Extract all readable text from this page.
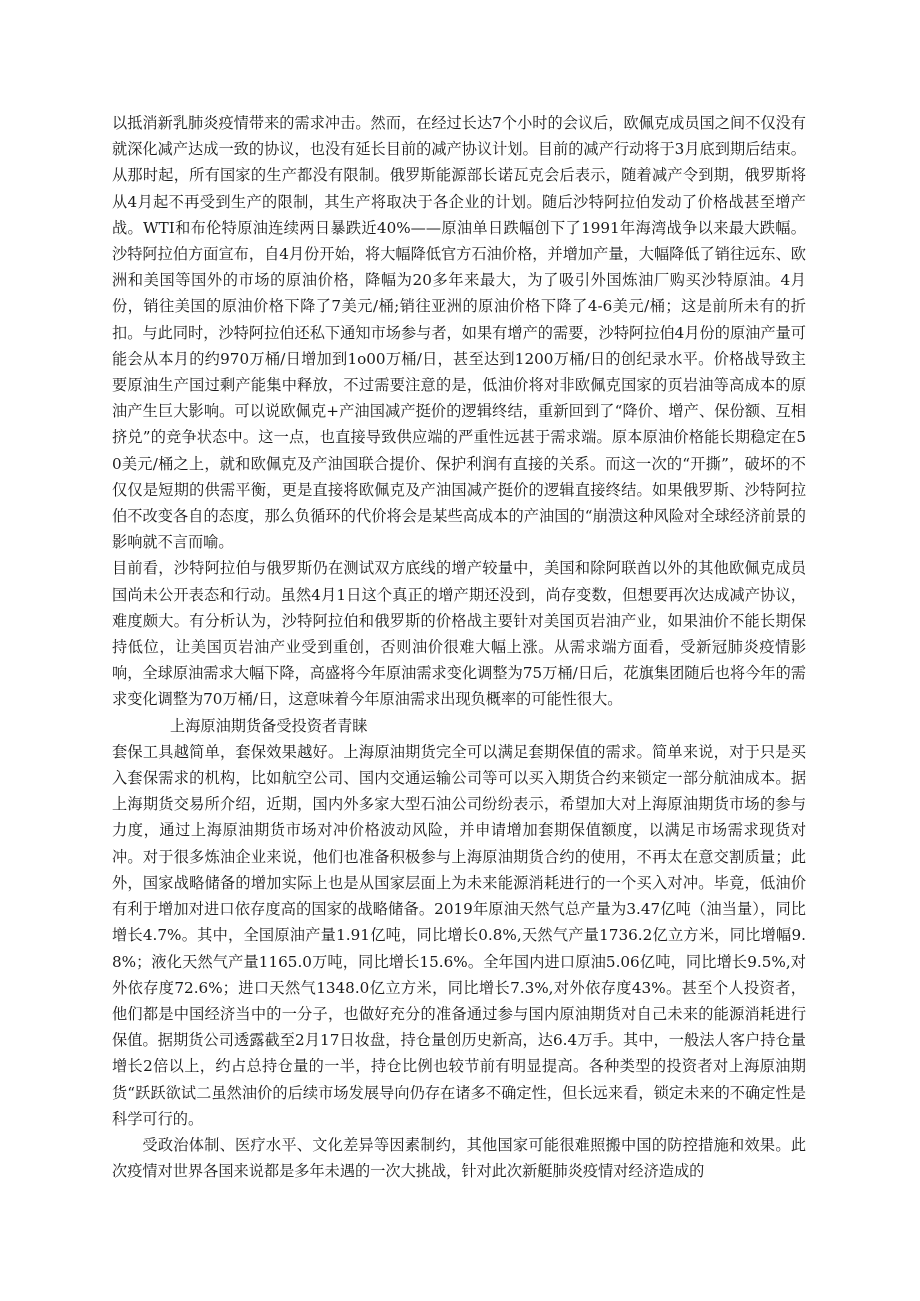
以抵消新乳肺炎疫情带来的需求冲击。然而，在经过长达7个小时的会议后，欧佩克成员国之间不仅没有就深化减产达成一致的协议，也没有延长目前的减产协议计划。目前的减产行动将于3月底到期后结束。从那时起，所有国家的生产都没有限制。俄罗斯能源部长诺瓦克会后表示，随着减产令到期，俄罗斯将从4月起不再受到生产的限制，其生产将取决于各企业的计划。随后沙特阿拉伯发动了价格战甚至增产战。WTI和布伦特原油连续两日暴跌近40%——原油单日跌幅创下了1991年海湾战争以来最大跌幅。沙特阿拉伯方面宣布，自4月份开始，将大幅降低官方石油价格，并增加产量，大幅降低了销往远东、欧洲和美国等国外的市场的原油价格，降幅为20多年来最大，为了吸引外国炼油厂购买沙特原油。4月份，销往美国的原油价格下降了7美元/桶;销往亚洲的原油价格下降了4-6美元/桶；这是前所未有的折扣。与此同时，沙特阿拉伯还私下通知市场参与者，如果有增产的需要，沙特阿拉伯4月份的原油产量可能会从本月的约970万桶/日增加到1o00万桶/日，甚至达到1200万桶/日的创纪录水平。价格战导致主要原油生产国过剩产能集中释放，不过需要注意的是，低油价将对非欧佩克国家的页岩油等高成本的原油产生巨大影响。可以说欧佩克+产油国减产挺价的逻辑终结，重新回到了“降价、增产、保份额、互相挤兑”的竞争状态中。这一点，也直接导致供应端的严重性远甚于需求端。原本原油价格能长期稳定在50美元/桶之上，就和欧佩克及产油国联合提价、保护利润有直接的关系。而这一次的“开撕”，破坏的不仅仅是短期的供需平衡，更是直接将欧佩克及产油国减产挺价的逻辑直接终结。如果俄罗斯、沙特阿拉伯不改变各自的态度，那么负循环的代价将会是某些高成本的产油国的“崩溃这种风险对全球经济前景的影响就不言而喻。

目前看，沙特阿拉伯与俄罗斯仍在测试双方底线的增产较量中，美国和除阿联酋以外的其他欧佩克成员国尚未公开表态和行动。虽然4月1日这个真正的增产期还没到，尚存变数，但想要再次达成减产协议，难度颇大。有分析认为，沙特阿拉伯和俄罗斯的价格战主要针对美国页岩油产业，如果油价不能长期保持低位，让美国页岩油产业受到重创，否则油价很难大幅上涨。从需求端方面看，受新冠肺炎疫情影响，全球原油需求大幅下降，高盛将今年原油需求变化调整为75万桶/日后，花旗集团随后也将今年的需求变化调整为70万桶/日，这意味着今年原油需求出现负概率的可能性很大。

上海原油期货备受投资者青睐

套保工具越简单，套保效果越好。上海原油期货完全可以满足套期保值的需求。简单来说，对于只是买入套保需求的机构，比如航空公司、国内交通运输公司等可以买入期货合约来锁定一部分航油成本。据上海期货交易所介绍，近期，国内外多家大型石油公司纷纷表示，希望加大对上海原油期货市场的参与力度，通过上海原油期货市场对冲价格波动风险，并申请增加套期保值额度，以满足市场需求现货对冲。对于很多炼油企业来说，他们也准备积极参与上海原油期货合约的使用，不再太在意交割质量；此外，国家战略储备的增加实际上也是从国家层面上为未来能源消耗进行的一个买入对冲。毕竟，低油价有利于增加对进口依存度高的国家的战略储备。2019年原油天然气总产量为3.47亿吨（油当量），同比增长4.7%。其中，全国原油产量1.91亿吨，同比增长0.8%,天然气产量1736.2亿立方米，同比增幅9.8%；液化天然气产量1165.0万吨，同比增长15.6%。全年国内进口原油5.06亿吨，同比增长9.5%,对外依存度72.6%；进口天然气1348.0亿立方米，同比增长7.3%,对外依存度43%。甚至个人投资者，他们都是中国经济当中的一分子，也做好充分的准备通过参与国内原油期货对自己未来的能源消耗进行保值。据期货公司透露截至2月17日妆盘，持仓量创历史新高，达6.4万手。其中，一般法人客户持仓量增长2倍以上，约占总持仓量的一半，持仓比例也较节前有明显提高。各种类型的投资者对上海原油期货“跃跃欲试二虽然油价的后续市场发展导向仍存在诸多不确定性，但长远来看，锁定未来的不确定性是科学可行的。

受政治体制、医疗水平、文化差异等因素制约，其他国家可能很难照搬中国的防控措施和效果。此次疫情对世界各国来说都是多年未遇的一次大挑战，针对此次新艇肺炎疫情对经济造成的
